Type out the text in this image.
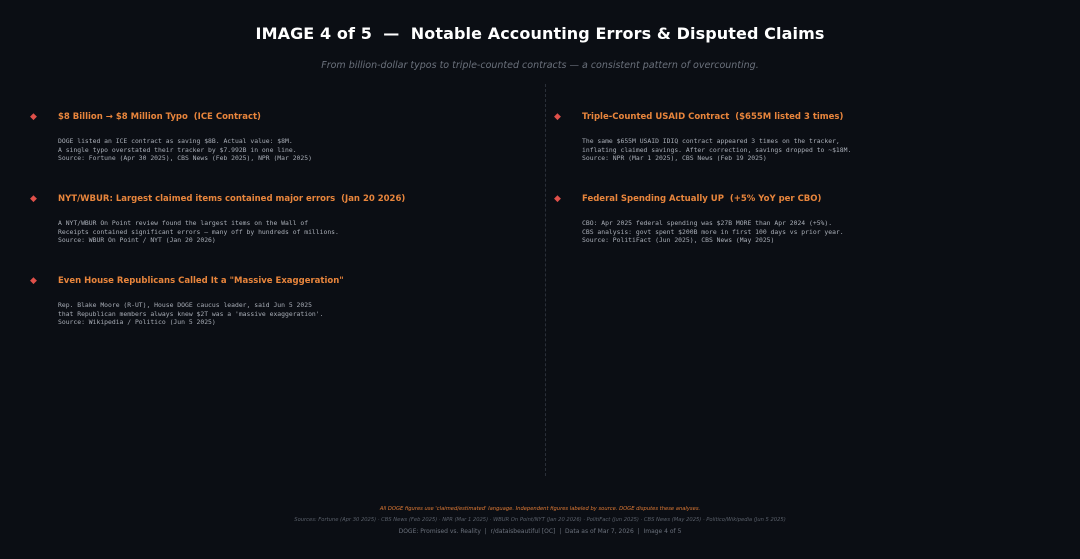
IMAGE 4 of 5  —  Notable Accounting Errors & Disputed Claims
From billion-dollar typos to triple-counted contracts — a consistent pattern of overcounting.
◆ $8 Billion → $8 Million Typo  (ICE Contract)
DOGE listed an ICE contract as saving $8B. Actual value: $8M.
A single typo overstated their tracker by $7.992B in one line.
Source: Fortune (Apr 30 2025), CBS News (Feb 2025), NPR (Mar 2025)
◆ NYT/WBUR: Largest claimed items contained major errors  (Jan 20 2026)
A NYT/WBUR On Point review found the largest items on the Wall of
Receipts contained significant errors — many off by hundreds of millions.
Source: WBUR On Point / NYT (Jan 20 2026)
◆ Even House Republicans Called It a "Massive Exaggeration"
Rep. Blake Moore (R-UT), House DOGE caucus leader, said Jun 5 2025
that Republican members always knew $2T was a 'massive exaggeration'.
Source: Wikipedia / Politico (Jun 5 2025)
◆ Triple-Counted USAID Contract  ($655M listed 3 times)
The same $655M USAID IDIQ contract appeared 3 times on the tracker,
inflating claimed savings. After correction, savings dropped to ~$18M.
Source: NPR (Mar 1 2025), CBS News (Feb 19 2025)
◆ Federal Spending Actually UP  (+5% YoY per CBO)
CBO: Apr 2025 federal spending was $27B MORE than Apr 2024 (+5%).
CBS analysis: govt spent $200B more in first 100 days vs prior year.
Source: PolitiFact (Jun 2025), CBS News (May 2025)
All DOGE figures use 'claimed/estimated' language. Independent figures labeled by source. DOGE disputes these analyses.
Sources: Fortune (Apr 30 2025) · CBS News (Feb 2025) · NPR (Mar 1 2025) · WBUR On Point/NYT (Jan 20 2026) · PolitiFact (Jun 2025) · CBS News (May 2025) · Politico/Wikipedia (Jun 5 2025)
DOGE: Promised vs. Reality  |  r/dataisbeautiful [OC]  |  Data as of Mar 7, 2026  |  Image 4 of 5
